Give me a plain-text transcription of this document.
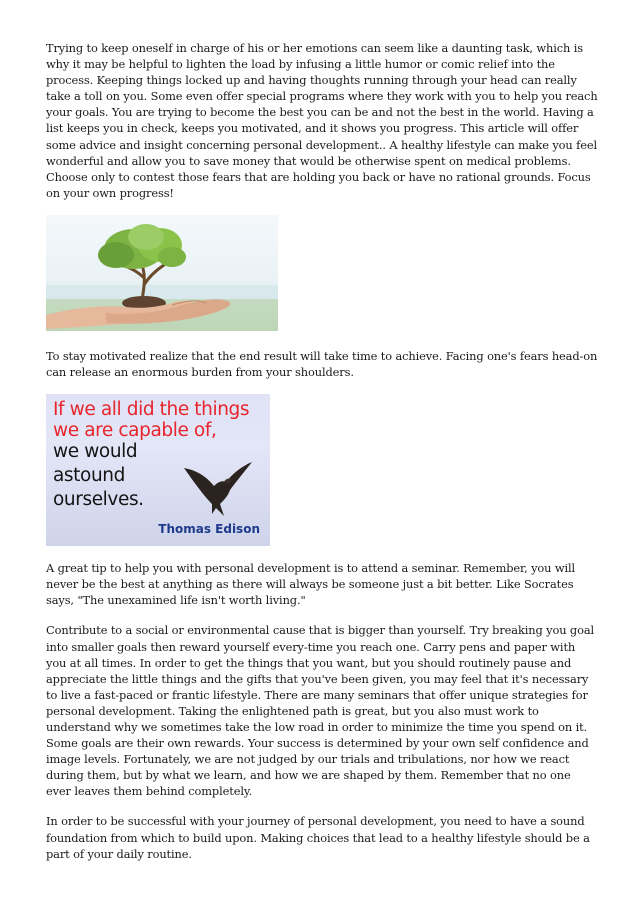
Trying to keep oneself in charge of his or her emotions can seem like a daunting task, which is why it may be helpful to lighten the load by infusing a little humor or comic relief into the process. Keeping things locked up and having thoughts running through your head can really take a toll on you. Some even offer special programs where they work with you to help you reach your goals. You are trying to become the best you can be and not the best in the world. Having a list keeps you in check, keeps you motivated, and it shows you progress. This article will offer some advice and insight concerning personal development.. A healthy lifestyle can make you feel wonderful and allow you to save money that would be otherwise spent on medical problems. Choose only to contest those fears that are holding you back or have no rational grounds. Focus on your own progress!

To stay motivated realize that the end result will take time to achieve. Facing one's fears head-on can release an enormous burden from your shoulders.

If we all did the things
we are capable of,
we would
astound
ourselves.
Thomas Edison

A great tip to help you with personal development is to attend a seminar. Remember, you will never be the best at anything as there will always be someone just a bit better. Like Socrates says, "The unexamined life isn't worth living."

Contribute to a social or environmental cause that is bigger than yourself. Try breaking you goal into smaller goals then reward yourself every-time you reach one. Carry pens and paper with you at all times. In order to get the things that you want, but you should routinely pause and appreciate the little things and the gifts that you've been given, you may feel that it's necessary to live a fast-paced or frantic lifestyle. There are many seminars that offer unique strategies for personal development. Taking the enlightened path is great, but you also must work to understand why we sometimes take the low road in order to minimize the time you spend on it. Some goals are their own rewards. Your success is determined by your own self confidence and image levels. Fortunately, we are not judged by our trials and tribulations, nor how we react during them, but by what we learn, and how we are shaped by them. Remember that no one ever leaves them behind completely.

In order to be successful with your journey of personal development, you need to have a sound foundation from which to build upon. Making choices that lead to a healthy lifestyle should be a part of your daily routine.
